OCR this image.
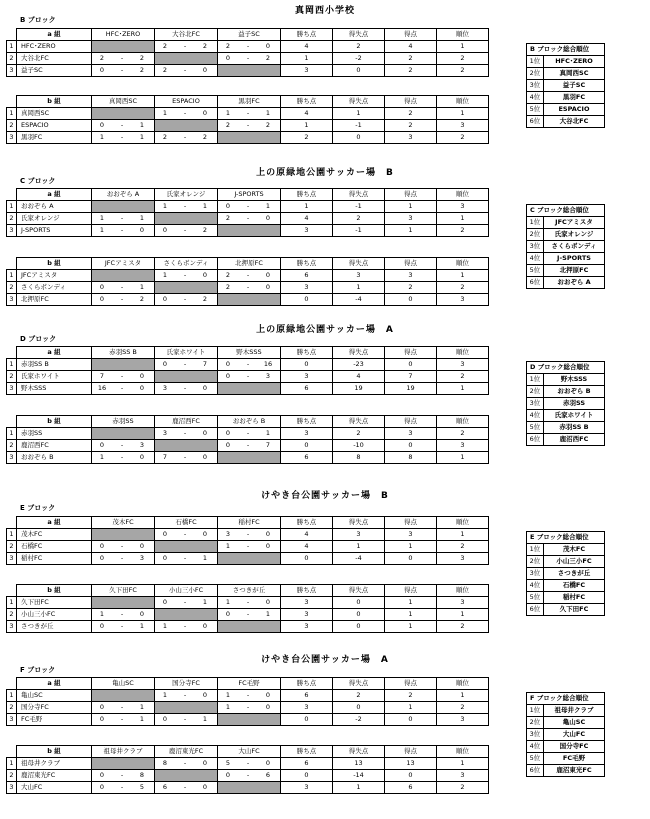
真岡西小学校
B ブロック
	a 組	HFC･ZERO	大谷北FC	益子SC	勝ち点	得失点	得点	順位
1	HFC･ZERO		2 - 2	2 - 0	4	2	4	1
2	大谷北FC	2 - 2		0 - 2	1	-2	2	2
3	益子SC	0 - 2	2 - 0		3	0	2	2
	b 組	真岡西SC	ESPACIO	黒羽FC	勝ち点	得失点	得点	順位
1	真岡西SC		1 - 0	1 - 1	4	1	2	1
2	ESPACIO	0 - 1		2 - 2	1	-1	2	3
3	黒羽FC	1 - 1	2 - 2		2	0	3	2
B ブロック総合順位	
1位	HFC･ZERO
2位	真岡西SC
3位	益子SC
4位	黒羽FC
5位	ESPACIO
6位	大谷北FC
上の原緑地公園サッカー場　B
C ブロック
	a 組	おおぞら A	氏家オレンジ	J-SPORTS	勝ち点	得失点	得点	順位
1	おおぞら A		1 - 1	0 - 1	1	-1	1	3
2	氏家オレンジ	1 - 1		2 - 0	4	2	3	1
3	J-SPORTS	1 - 0	0 - 2		3	-1	1	2
	b 組	JFCアミスタ	さくらボンディ	北押原FC	勝ち点	得失点	得点	順位
1	JFCアミスタ		1 - 0	2 - 0	6	3	3	1
2	さくらボンディ	0 - 1		2 - 0	3	1	2	2
3	北押原FC	0 - 2	0 - 2		0	-4	0	3
C ブロック総合順位	
1位	JFCアミスタ
2位	氏家オレンジ
3位	さくらボンディ
4位	J-SPORTS
5位	北押原FC
6位	おおぞら A
上の原緑地公園サッカー場　A
D ブロック
	a 組	赤羽SS B	氏家ホワイト	野木SSS	勝ち点	得失点	得点	順位
1	赤羽SS B		0 - 7	0 - 16	0	-23	0	3
2	氏家ホワイト	7 - 0		0 - 3	3	4	7	2
3	野木SSS	16 - 0	3 - 0		6	19	19	1
	b 組	赤羽SS	鹿沼西FC	おおぞら B	勝ち点	得失点	得点	順位
1	赤羽SS		3 - 0	0 - 1	3	2	3	2
2	鹿沼西FC	0 - 3		0 - 7	0	-10	0	3
3	おおぞら B	1 - 0	7 - 0		6	8	8	1
D ブロック総合順位	
1位	野木SSS
2位	おおぞら B
3位	赤羽SS
4位	氏家ホワイト
5位	赤羽SS B
6位	鹿沼西FC
けやき台公園サッカー場　B
E ブロック
	a 組	茂木FC	石橋FC	稲村FC	勝ち点	得失点	得点	順位
1	茂木FC		0 - 0	3 - 0	4	3	3	1
2	石橋FC	0 - 0		1 - 0	4	1	1	2
3	稲村FC	0 - 3	0 - 1		0	-4	0	3
	b 組	久下田FC	小山三小FC	さつきが丘	勝ち点	得失点	得点	順位
1	久下田FC		0 - 1	1 - 0	3	0	1	3
2	小山三小FC	1 - 0		0 - 1	3	0	1	1
3	さつきが丘	0 - 1	1 - 0		3	0	1	2
E ブロック総合順位	
1位	茂木FC
2位	小山三小FC
3位	さつきが丘
4位	石橋FC
5位	稲村FC
6位	久下田FC
けやき台公園サッカー場　A
F ブロック
	a 組	亀山SC	国分寺FC	FC毛野	勝ち点	得失点	得点	順位
1	亀山SC		1 - 0	1 - 0	6	2	2	1
2	国分寺FC	0 - 1		1 - 0	3	0	1	2
3	FC毛野	0 - 1	0 - 1		0	-2	0	3
	b 組	祖母井クラブ	鹿沼東光FC	大山FC	勝ち点	得失点	得点	順位
1	祖母井クラブ		8 - 0	5 - 0	6	13	13	1
2	鹿沼東光FC	0 - 8		0 - 6	0	-14	0	3
3	大山FC	0 - 5	6 - 0		3	1	6	2
F ブロック総合順位	
1位	祖母井クラブ
2位	亀山SC
3位	大山FC
4位	国分寺FC
5位	FC毛野
6位	鹿沼東光FC
